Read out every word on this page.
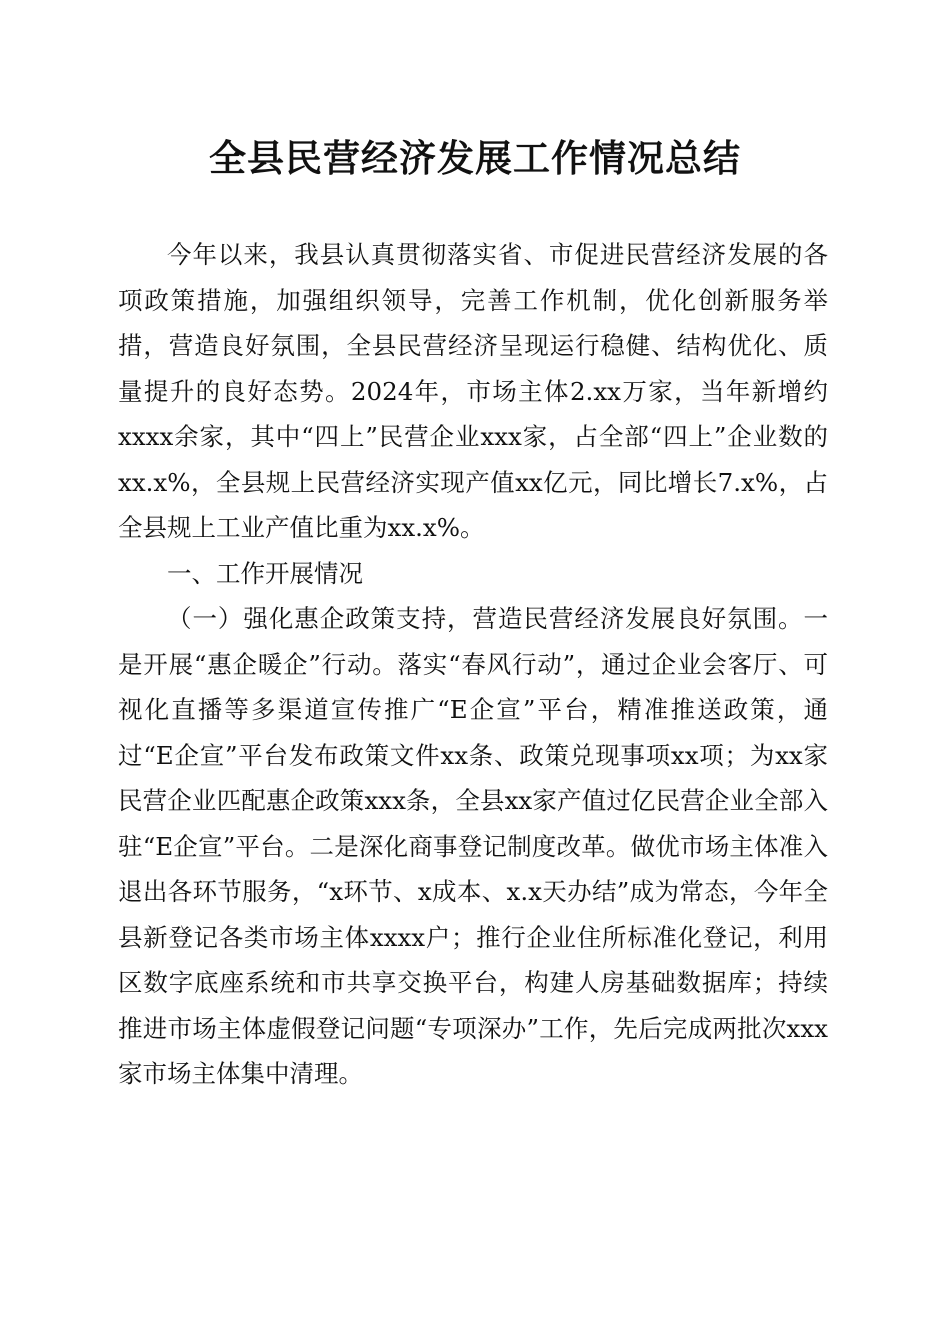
全县民营经济发展工作情况总结

今年以来，我县认真贯彻落实省、市促进民营经济发展的各项政策措施，加强组织领导，完善工作机制，优化创新服务举措，营造良好氛围，全县民营经济呈现运行稳健、结构优化、质量提升的良好态势。2024年，市场主体2.xx万家，当年新增约xxxx余家，其中“四上”民营企业xxx家，占全部“四上”企业数的xx.x%，全县规上民营经济实现产值xx亿元，同比增长7.x%，占全县规上工业产值比重为xx.x%。

一、工作开展情况

（一）强化惠企政策支持，营造民营经济发展良好氛围。一是开展“惠企暖企”行动。落实“春风行动”，通过企业会客厅、可视化直播等多渠道宣传推广“E企宣”平台，精准推送政策，通过“E企宣”平台发布政策文件xx条、政策兑现事项xx项；为xx家民营企业匹配惠企政策xxx条，全县xx家产值过亿民营企业全部入驻“E企宣”平台。二是深化商事登记制度改革。做优市场主体准入退出各环节服务，“x环节、x成本、x.x天办结”成为常态，今年全县新登记各类市场主体xxxx户；推行企业住所标准化登记，利用区数字底座系统和市共享交换平台，构建人房基础数据库；持续推进市场主体虚假登记问题“专项深办”工作，先后完成两批次xxx家市场主体集中清理。
